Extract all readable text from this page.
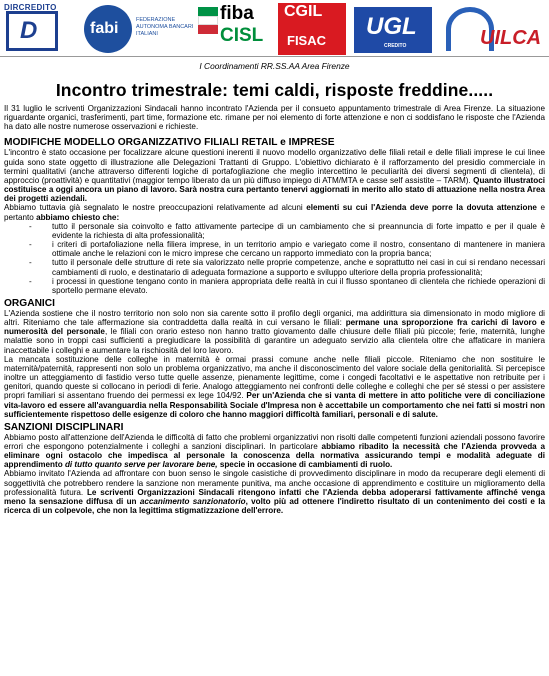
DIRCREDITO
D	fabi	FEDERAZIONE AUTONOMA BANCARI ITALIANI
fiba
CISL
CGIL
FISAC
UGL
CREDITO	UILCA
I Coordinamenti RR.SS.AA Area Firenze
Incontro trimestrale: temi caldi, risposte freddine.....

Il 31 luglio le scriventi Organizzazioni Sindacali hanno incontrato l'Azienda per il consueto appuntamento trimestrale di Area Firenze. La situazione riguardante organici, trasferimenti, part time, formazione etc. rimane per noi elemento di forte attenzione e non ci soddisfano le risposte che l'Azienda ha dato alle nostre numerose osservazioni e richieste.

MODIFICHE MODELLO ORGANIZZATIVO FILIALI RETAIL e IMPRESE

L'incontro è stato occasione per focalizzare alcune questioni inerenti il nuovo modello organizzativo delle filiali retail e delle filiali imprese le cui linee guida sono state oggetto di illustrazione alle Delegazioni Trattanti di Gruppo. L'obiettivo dichiarato è il rafforzamento del presidio commerciale in termini qualitativi (anche attraverso differenti logiche di portafogliazione che meglio intercettino le peculiarità dei diversi segmenti di clientela), di approccio (proattività) e quantitativi (maggior tempo liberato da un più diffuso impiego di ATM/MTA e casse self assistite – TARM). Quanto illustratoci costituisce a oggi ancora un piano di lavoro. Sarà nostra cura pertanto tenervi aggiornati in merito allo stato di attuazione nella nostra Area dei progetti aziendali.

Abbiamo tuttavia già segnalato le nostre preoccupazioni relativamente ad alcuni elementi su cui l'Azienda deve porre la dovuta attenzione e pertanto abbiamo chiesto che:

- tutto il personale sia coinvolto e fatto attivamente partecipe di un cambiamento che si preannuncia di forte impatto e per il quale è evidente la richiesta di alta professionalità;
- i criteri di portafoliazione nella filiera imprese, in un territorio ampio e variegato come il nostro, consentano di mantenere in maniera ottimale anche le relazioni con le micro imprese che cercano un rapporto immediato con la propria banca;
- tutto il personale delle strutture di rete sia valorizzato nelle proprie competenze, anche e soprattutto nei casi in cui si rendano necessari cambiamenti di ruolo, e destinatario di adeguata formazione a supporto e sviluppo ulteriore della propria professionalità;
- i processi in questione tengano conto in maniera appropriata delle realtà in cui il flusso spontaneo di clientela che richiede operazioni di sportello permane elevato.
ORGANICI

L'Azienda sostiene che il nostro territorio non solo non sia carente sotto il profilo degli organici, ma addirittura sia dimensionato in modo migliore di altri. Riteniamo che tale affermazione sia contraddetta dalla realtà in cui versano le filiali: permane una sproporzione fra carichi di lavoro e numerosità del personale, le filiali con orario esteso non hanno tratto giovamento dalle chiusure delle filiali più piccole; ferie, maternità, lunghe malattie sono in troppi casi sufficienti a pregiudicare la possibilità di garantire un adeguato servizio alla clientela oltre che affaticare in maniera inaccettabile i colleghi e aumentare la rischiosità del loro lavoro.

La mancata sostituzione delle colleghe in maternità è ormai prassi comune anche nelle filiali piccole. Riteniamo che non sostituire le maternità/paternità, rappresenti non solo un problema organizzativo, ma anche il disconoscimento del valore sociale della genitorialità. Si percepisce inoltre un atteggiamento di fastidio verso tutte quelle assenze, pienamente legittime, come i congedi facoltativi e le aspettative non retribuite per i genitori, quando queste si collocano in periodi di ferie. Analogo atteggiamento nei confronti delle colleghe e colleghi che per sé stessi o per assistere propri familiari si assentano fruendo dei permessi ex lege 104/92. Per un'Azienda che si vanta di mettere in atto politiche vere di conciliazione vita-lavoro ed essere all'avanguardia nella Responsabilità Sociale d'Impresa non è accettabile un comportamento che nei fatti si mostri non sufficientemente rispettoso delle esigenze di coloro che hanno maggiori difficoltà familiari, personali e di salute.

SANZIONI DISCIPLINARI

Abbiamo posto all'attenzione dell'Azienda le difficoltà di fatto che problemi organizzativi non risolti dalle competenti funzioni aziendali possono favorire errori che espongono potenzialmente i colleghi a sanzioni disciplinari. In particolare abbiamo ribadito la necessità che l'Azienda provveda a eliminare ogni ostacolo che impedisca al personale la conoscenza della normativa assicurando tempi e modalità adeguate di apprendimento di tutto quanto serve per lavorare bene, specie in occasione di cambiamenti di ruolo.

Abbiamo invitato l'Azienda ad affrontare con buon senso le singole casistiche di provvedimento disciplinare in modo da recuperare degli elementi di soggettività che potrebbero rendere la sanzione non meramente punitiva, ma anche occasione di apprendimento e costituire un miglioramento della professionalità futura. Le scriventi Organizzazioni Sindacali ritengono infatti che l'Azienda debba adoperarsi fattivamente affinché venga meno la sensazione diffusa di un accanimento sanzionatorio, volto più ad ottenere l'indiretto risultato di un contenimento dei costi e la ricerca di un colpevole, che non la legittima stigmatizzazione dell'errore.
